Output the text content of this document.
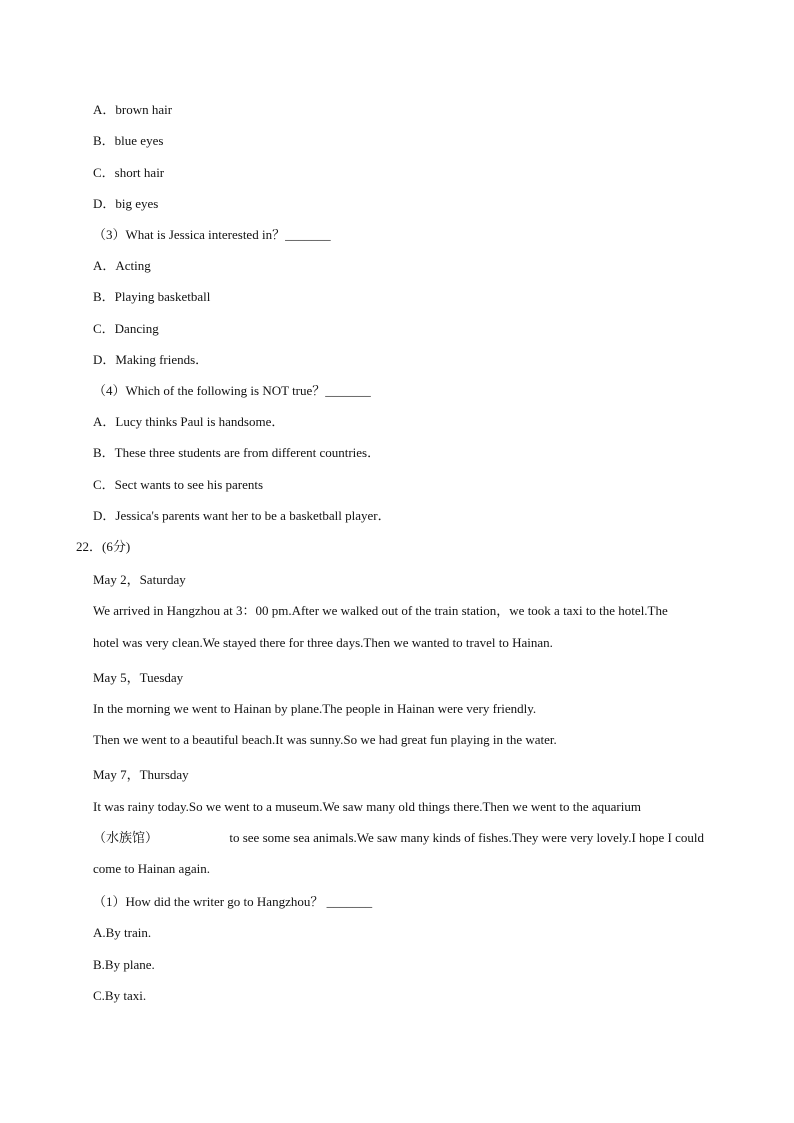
A．brown hair
B．blue eyes
C．short hair
D．big eyes
（3）What is Jessica interested in？_______
A．Acting
B．Playing basketball
C．Dancing
D．Making friends．
（4）Which of the following is NOT true？_______
A．Lucy thinks Paul is handsome．
B．These three students are from different countries．
C．Sect wants to see his parents
D．Jessica's parents want her to be a basketball player．
22．(6分)
May 2，Saturday
We arrived in Hangzhou at 3：00 pm.After we walked out of the train station，we took a taxi to the hotel.The
hotel was very clean.We stayed there for three days.Then we wanted to travel to Hainan.
May 5，Tuesday
In the morning we went to Hainan by plane.The people in Hainan were very friendly.
Then we went to a beautiful beach.It was sunny.So we had great fun playing in the water.
May 7，Thursday
It was rainy today.So we went to a museum.We saw many old things there.Then we went to the aquarium
（水族馆）	to see some sea animals.We saw many kinds of fishes.They were very lovely.I hope I could
come to Hainan again.
（1）How did the writer go to Hangzhou？ _______
A.By train.
B.By plane.
C.By taxi.
